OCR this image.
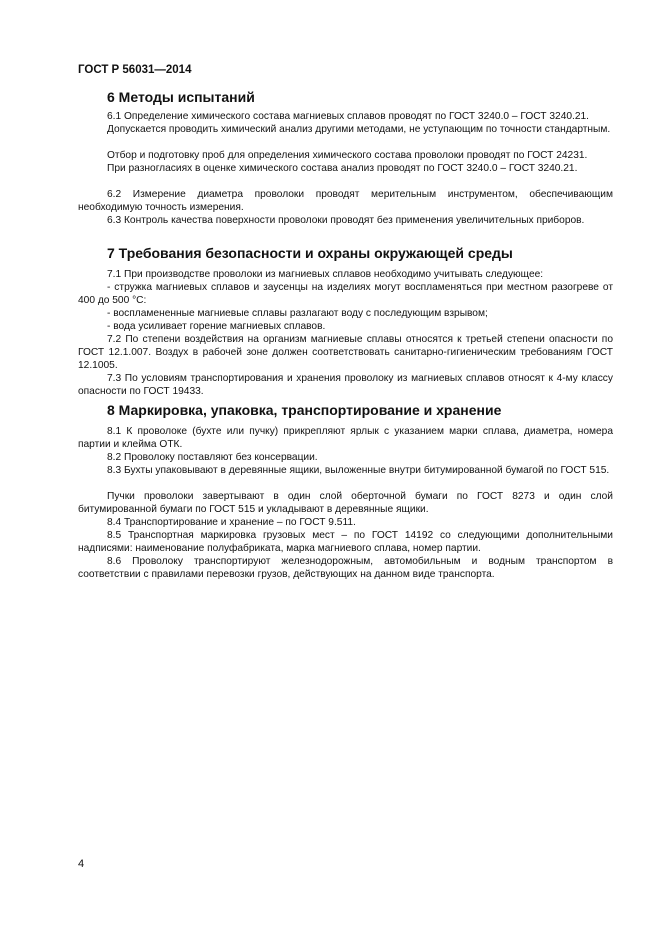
ГОСТ Р 56031—2014
6 Методы испытаний
6.1 Определение химического состава магниевых сплавов проводят по ГОСТ 3240.0 – ГОСТ 3240.21.
Допускается проводить химический анализ другими методами, не уступающим по точности стандартным.
Отбор и подготовку проб для определения химического состава проволоки проводят по ГОСТ 24231.
При разногласиях в оценке химического состава анализ проводят по ГОСТ 3240.0 – ГОСТ 3240.21.
6.2 Измерение диаметра проволоки проводят мерительным инструментом, обеспечивающим необходимую точность измерения.
6.3 Контроль качества поверхности проволоки проводят без применения увеличительных приборов.
7 Требования безопасности и охраны окружающей среды
7.1 При производстве проволоки из магниевых сплавов необходимо учитывать следующее:
- стружка магниевых сплавов и заусенцы на изделиях могут воспламеняться при местном разогреве от 400 до 500 °С:
- воспламененные магниевые сплавы разлагают воду с последующим взрывом;
- вода усиливает горение магниевых сплавов.
7.2 По степени воздействия на организм магниевые сплавы относятся к третьей степени опасности по ГОСТ 12.1.007. Воздух в рабочей зоне должен соответствовать санитарно-гигиеническим требованиям ГОСТ 12.1005.
7.3 По условиям транспортирования и хранения проволоку из магниевых сплавов относят к 4-му классу опасности по ГОСТ 19433.
8 Маркировка, упаковка, транспортирование и хранение
8.1 К проволоке (бухте или пучку) прикрепляют ярлык с указанием марки сплава, диаметра, номера партии и клейма ОТК.
8.2 Проволоку поставляют без консервации.
8.3 Бухты упаковывают в деревянные ящики, выложенные внутри битумированной бумагой по ГОСТ 515.
Пучки проволоки завертывают в один слой оберточной бумаги по ГОСТ 8273 и один слой битумированной бумаги по ГОСТ 515 и укладывают в деревянные ящики.
8.4 Транспортирование и хранение – по ГОСТ 9.511.
8.5 Транспортная маркировка грузовых мест – по ГОСТ 14192 со следующими дополнительными надписями: наименование полуфабриката, марка магниевого сплава, номер партии.
8.6 Проволоку транспортируют железнодорожным, автомобильным и водным транспортом в соответствии с правилами перевозки грузов, действующих на данном виде транспорта.
4
